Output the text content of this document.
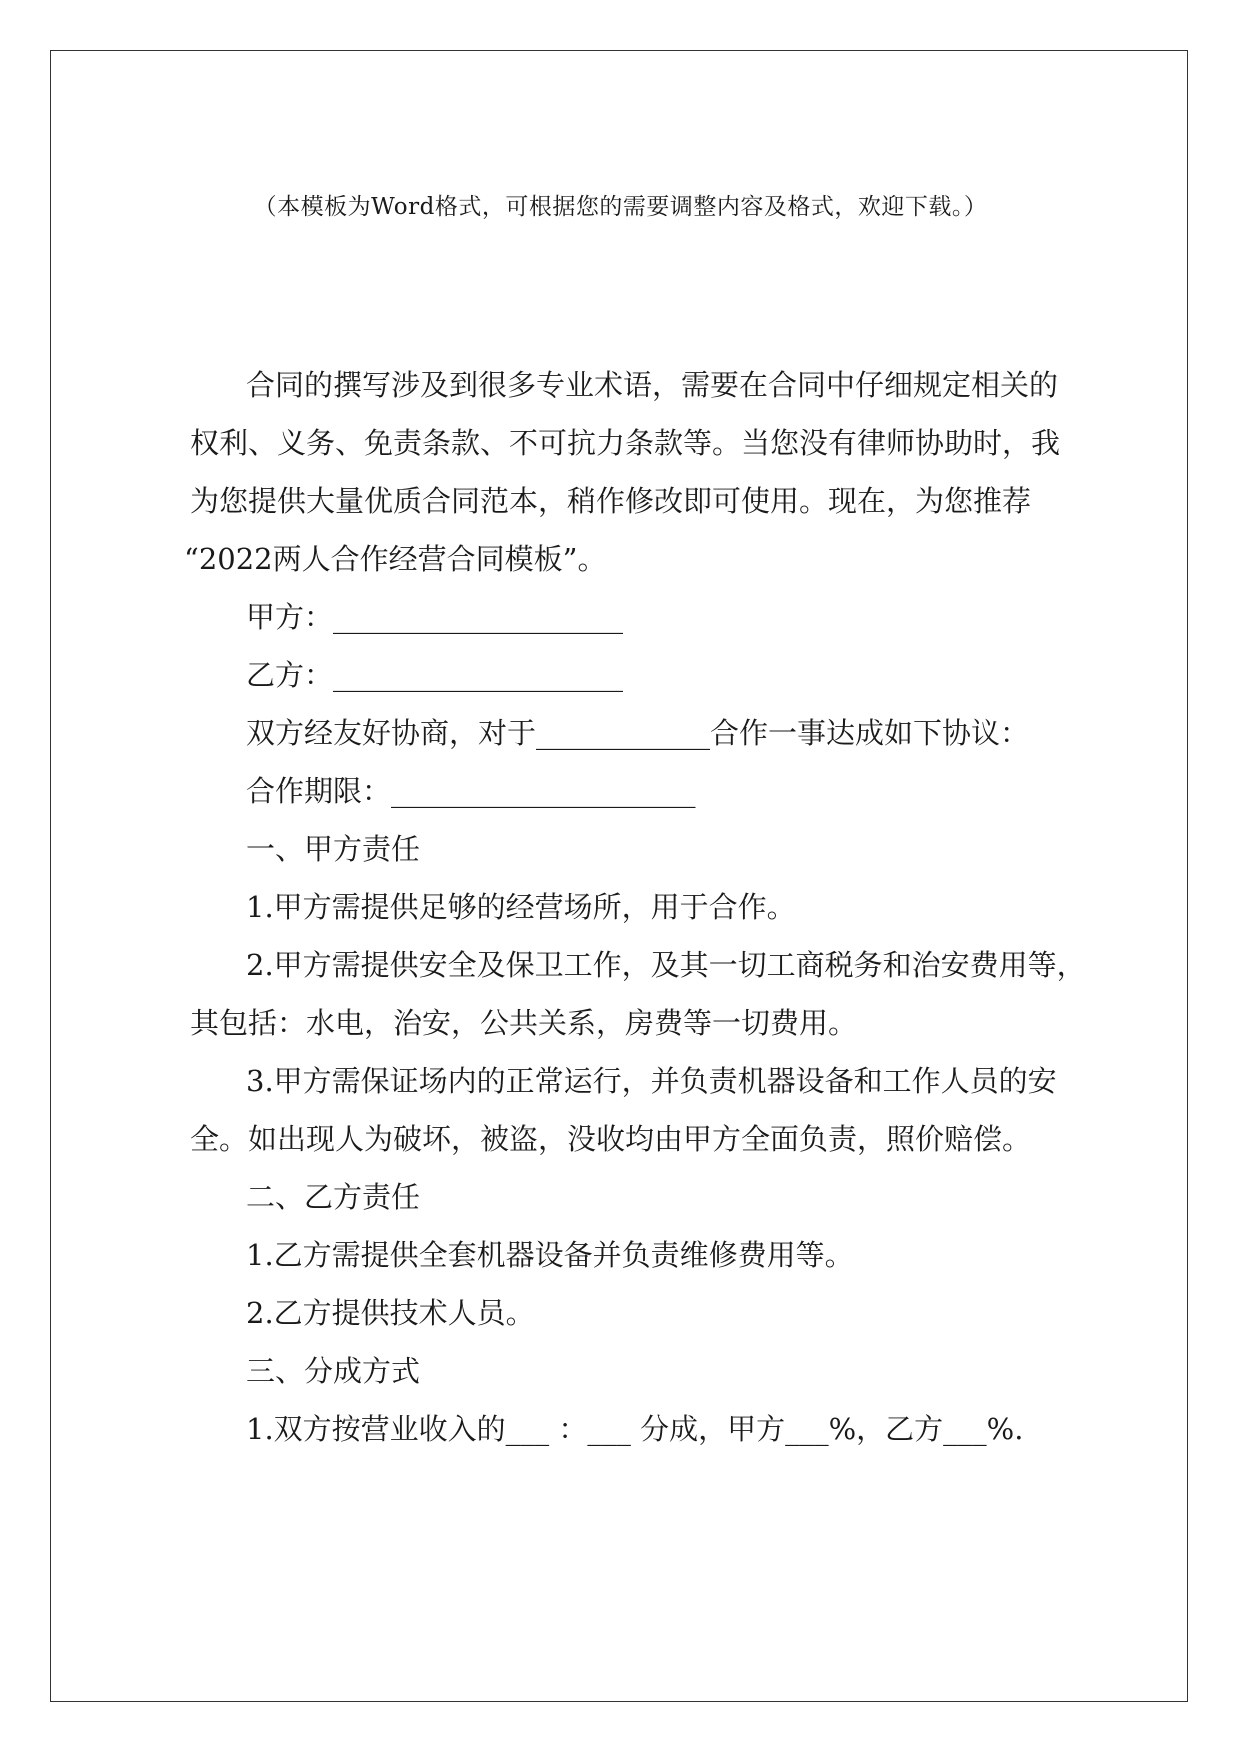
（本模板为Word格式，可根据您的需要调整内容及格式，欢迎下载。）
合同的撰写涉及到很多专业术语，需要在合同中仔细规定相关的
权利、义务、免责条款、不可抗力条款等。当您没有律师协助时，我
为您提供大量优质合同范本，稍作修改即可使用。现在，为您推荐
“2022两人合作经营合同模板”。
甲方：____________________
乙方：____________________
双方经友好协商，对于____________合作一事达成如下协议：
合作期限：_____________________
一、甲方责任
1.甲方需提供足够的经营场所，用于合作。
2.甲方需提供安全及保卫工作，及其一切工商税务和治安费用等，
其包括：水电，治安，公共关系，房费等一切费用。
3.甲方需保证场内的正常运行，并负责机器设备和工作人员的安
全。如出现人为破坏，被盗，没收均由甲方全面负责，照价赔偿。
二、乙方责任
1.乙方需提供全套机器设备并负责维修费用等。
2.乙方提供技术人员。
三、分成方式
1.双方按营业收入的___ ：___ 分成，甲方___%，乙方___%.
